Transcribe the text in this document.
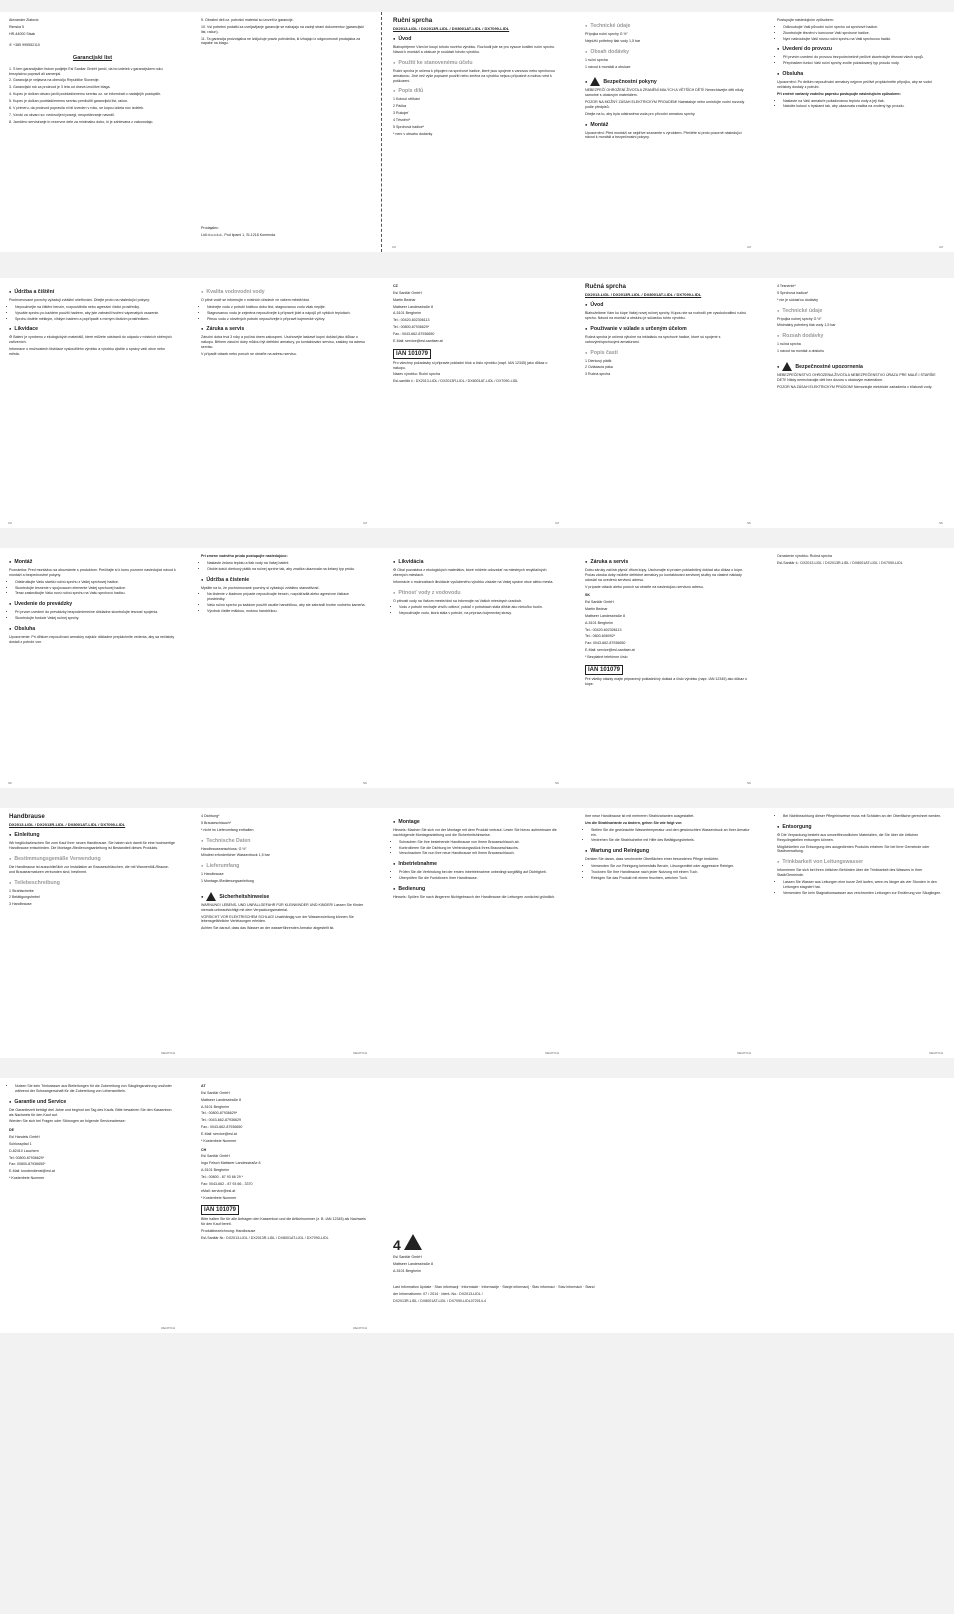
Alexander Zlatovic

Rimska 5

HR-44000 Sisak

✆ +385 995552110

Garancijski list

1. S tem garancijskim listom podjetje Esl Sanitar GmbH jamči, da bo izdelek v garancijskem roku brezplačno popravil ali zamenjal.

2. Garancija je veljavna na območju Republike Slovenije.

3. Garancijski rok za proizvod je 3 leta od dneva izročitve blaga.

4. Kupec je dolžan okvaro javiti pooblaščenemu servisu oz. se informirati o nadaljnjih postopkih.

5. Kupec je dolžan pooblaščenemu servisu predložiti garancijski list, račun.

6. V primeru, da proizvod popravila ni bil izveden v roku, se kupcu izdela nov izdelek.

7. Vzroki za okvaro so: nedovoljeni posegi, neupoštevanje navodil.

8. Jamčimo servisiranje in rezervne dele za minimalno dobo, ki je zahtevana z zakonodajo.

9. Obrabni deli oz. potrošni material so izvzeti iz garancije.

10. Vsi potrebni podatki za uveljavljanje garancije se nahajajo na zadnji strani dokumentov (garancijski list, račun).

11. Ta garancija proizvajalca ne izključuje pravic potrošnika, ki izhajajo iz odgovornosti prodajalca za napake na blagu.

Prodajalec:

Lidl d.o.o.k.d., Pod lipami 1, SI-1218 Komenda

Ruční sprcha
DX2013-LIDL / DX2013R-LIDL / DX8001AT-LIDL / DX7090-LIDL
● Úvod

Blahopřejeme Vám ke koupi tohoto nového výrobku. Rozhodli jste se pro vysoce kvalitní ruční sprchu. Návod k montáži a obsluze je součástí tohoto výrobku.

● Použití ke stanovenému účelu

Ruční sprcha je určena k připojení na sprchové hadice, které jsou spojené s vanovou nebo sprchovou armaturou. Jiné než výše popsané použití nebo změna na výrobku nejsou přípustné a mohou vést k poškození.

● Popis dílů

1 Kotouč stříkání

2 Páčka

3 Rukojeť

4 Těsnění*

5 Sprchová hadice*

* není v obsahu dodávky

CZ
● Technické údaje

Přípojka ruční sprchy G ½"

Nejnižší potřebný tlak vody 1,5 bar

● Obsah dodávky

1 ruční sprcha

1 návod k montáži a obsluze

● Bezpečnostní pokyny

NEBEZPEČÍ OHROŽENÍ ŽIVOTA A ZRANĚNÍ MALÝCH A VĚTŠÍCH DĚTÍ! Nenechávejte děti nikdy samotné s obalovým materiálem.

POZOR NA MOŽNÝ ZÁSAH ELEKTRICKÝM PROUDEM! Nainstaluje nebo umísťujte vodní rozvody podle předpisů.

Dbejte na to, aby byla odstraněna voda pro přívodní armaturu sprchy.

● Montáž

Upozornění: Před montáží se nejdříve seznamte s výrobkem. Přečtěte si proto pozorně následující návod k montáži a bezpečnostní pokyny.

CZ

Postupujte následujícím způsobem:

• Odšroubujte Vaši původní ruční sprchu od sprchové hadice.
• Zkontrolujte těsnění v koncovce Vaší sprchové hadice.
• Nyní našroubujte Vaši novou ruční sprchu na Vaši sprchovou hadici.
● Uvedení do provozu
• Při prvním uvedení do provozu bezpodmínečně pečlivě zkontrolujte těsnost všech spojů.
• Přepínačem funkcí Vaší ruční sprchy zvolte požadovaný typ proudu vody.
● Obsluha

Upozornění: Po delším nepoužívání armatury nejprve pečlivě propláchněte přípojku, aby se vodní nečistoty dostaly z potrubí.

Při změně varianty vodního paprsku postupujte následujícím způsobem:

• Nastavte na Vaší armatuře požadovanou teplotu vody a její tlak.
• Natočte kotouč s tryskami tak, aby ukazovala značka na zvolený typ proudu.
CZ
● Údržba a čištění

Pochromované povrchy vyžadují zvláštní ošetřování. Dbejte proto na následující pokyny:

• Nepoužívejte na čištění benzín, rozpouštědla nebo agresivní čisticí prostředky.
• Vysušte sprchu po každém použití hadrem, aby jste zabránili tvoření vápenatých usazenin.
• Sprchu čistěte měkkým, vlhkým hadrem a popřípadě s mírným čisticím prostředkem.
● Likvidace

♻ Balení je vyrobeno z ekologických materiálů, které můžete odstranit do odpadu v místních sběrných zařízeních.

Informace o možnostech likvidace vysloužilého výrobku a výrobku zjistíte u správy vaší obce nebo města.

CZ
● Kvalita vodovodní vody

O pitné vodě se informujte v místních úřadech ve vašem městě/obci.

• Nechejte vodu z potrubí krátkou dobu téci, stagnovanou vodu však nepijte.
• Stagnovanou vodu je zejména nepoužívejte k přípravě jídel a nápojů při vyšších teplotách.
• Pitnou vodu z olověných potrubí nepoužívejte k přípravě kojenecké výživy.
● Záruka a servis

Záruční doba trvá 3 roky a počíná dnem zakoupení. Uschovejte laskavě kupní doklad jako důkaz o nákupu. Během záruční doby můžou být defektní armatury, po kontaktování servisu, zaslány na adresu servisu.

V případě otázek nebo poruch se obraťte na adresu servisu.

CZ

CZ

Esl Sanitär GmbH

Martin Bednar

Mattseer Landesstraße 8

A-5101 Bergheim

Tel.: 00420-602306113

Tel.: 00800-87936629*

Fax.: 0043-662-87936650

E-Mail: service@esl-sanitaer.at

IAN 101079

Pro všechny požadavky si připravte pokladní blok a číslo výrobku (např. IAN 12345) jako důkaz o nákupu.

Název výrobku: Ruční sprcha

Esl-sanitär č.: DX2013-LIDL / DX2013R-LIDL / DX8001AT-LIDL / DX7090-LIDL

CZ
Ručná sprcha
DX2013-LIDL / DX2013R-LIDL / DX8001AT-LIDL / DX7090-LIDL
● Úvod

Blahoželáme Vám ku kúpe Vašej novej ručnej sprchy. Kúpou ste sa rozhodli pre vysokokvalitnú ručnú sprchu. Návod na montáž a obsluhu je súčasťou tohto výrobku.

● Používanie v súlade s určeným účelom

Ručná sprcha je určená výlučne na inštaláciu na sprchové hadice, ktoré sú spojené s vaňovými/sprchovými armatúrami.

● Popis častí

1 Dierkový plátik

2 Ovládacia páka

3 Ručná sprcha

SK

4 Tesnenie*

5 Sprchová hadica*

* nie je súčasťou dodávky

● Technické údaje

Prípojka ručnej sprchy G ½"

Minimálny potrebný tlak vody 1,5 bar

● Rozsah dodávky

1 ručná sprcha

1 návod na montáž a obsluhu

● Bezpečnostné upozornenia

NEBEZPEČENSTVO OHROZENIA ŽIVOTA A NEBEZPEČENSTVO ÚRAZU PRE MALÉ I STARŠIE DETI! Nikdy nenechávajte deti bez dozoru s obalovým materiálom.

POZOR NA ZÁSAH ELEKTRICKÝM PRÚDOM! Nemontujte elektrické zariadenia v blízkosti vody.

SK
● Montáž

Poznámka: Pred montážou sa oboznámte s produktom. Prečítajte si k tomu pozorne nasledujúci návod k montáži a bezpečnostné pokyny.

• Odskrutkujte Vašu staršiu ručnú sprchu z Vašej sprchovej hadice.
• Skontrolujte tesnenie v spojovacom elemente Vašej sprchovej hadice.
• Teraz zaskrutkujte Vašu novú ručnú sprchu na Vašu sprchovú hadicu.
● Uvedenie do prevádzky
• Pri prvom uvedení do prevádzky bezpodmienečne dôkladne skontrolujte tesnosť spojenia.
• Skontrolujte funkcie Vašej ručnej sprchy.
● Obsluha

Upozornenie: Pri dlhšom nepoužívaní armatúry najskôr dôkladne prepláchnite vedenia, aby sa nečistoty dostali z potrubí von.

SK

Pri zmene vodného prúdu postupujte nasledujúco:

• Nastavte želanú teplotu a tlak vody na Vašej batérii.
• Otočte kotúč dierkový plátik na ručnej sprche tak, aby značka ukazovala na želaný typ prúdu.
● Údržba a čistenie

Myslite na to, že pochrómované povrchy si vyžadujú zvláštnu starostlivosť.

• Na čistenie v žiadnom prípade nepoužívajte benzín, rozpúšťadlá alebo agresívne čistiace prostriedky.
• Vašu ručnú sprchu po každom použití osušte handričkou, aby ste zabránili tvorbe vodného kameňa.
• Výrobok čistite mäkkou, mokrou handričkou.
SK
● Likvidácia

♻ Obal pozostáva z ekologických materiálov, ktoré môžete odovzdať na miestnych recyklačných zberných miestach.

Informácie o možnostiach likvidácie vyslúženého výrobku získate na Vašej správe obce alebo mesta.

● Pitnosť vody z vodovodu

O pitnosti vody na Vašom meste/obci sa informujte na Vašich miestnych úradoch.

• Vodu z potrubí nechajte chvíľu odtiecť, pokiaľ v potrubiach stála dlhšie ako niekoľko hodín.
• Nepoužívajte vodu, ktorá stála v potrubí, na prípravu kojeneckej stravy.
SK
● Záruka a servis

Dobu záruky začíná plynúť dňom kúpy. Uschovajte si prosím pokladničný doklad ako dôkaz o kúpe. Počas záruka doby môžete defektné armatúry po kontaktovaní servisnej služby na vlastné náklady odoslať na uvedenú servisnú adresu.

V prípade otázok alebo porúch sa obráťte na nasledujúcu servisnú adresu.

SK

Esl Sanitär GmbH

Martin Bednar

Mattseer Landesstraße 8

A-5101 Bergheim

Tel.: 00420-602306113

Tel.: 0800-606092*

Fax: 0043-662-87936650

E-Mail: service@esl-sanitaer.at

* Bezplatné telefónne číslo

IAN 101079

Pre všetky otázky majte pripravený pokladničný doklad a číslo výrobku (napr. IAN 12345) ako dôkaz o kúpe.

SK

Označenie výrobku: Ručná sprcha

Esl-Sanitär č.: DX2013-LIDL / DX2013R-LIDL / DX8001AT-LIDL / DX7090-LIDL

Handbrause
DX2013-LIDL / DX2013R-LIDL / DX8001AT-LIDL / DX7090-LIDL
● Einleitung

Wir beglückwünschen Sie zum Kauf Ihrer neuen Handbrause. Sie haben sich damit für eine hochwertige Handbrause entschieden. Die Montage-/Bedienungsanleitung ist Bestandteil dieses Produkts.

● Bestimmungsgemäße Verwendung

Die Handbrause ist ausschließlich zur Installation an Brauseschläuchen, die mit Wannenfüll-/Brause- und Brausearmaturen verbunden sind, bestimmt.

● Teilebeschreibung

1 Strahlscheibe

2 Betätigungshebel

3 Handbrause

DE/AT/CH

4 Dichtung*

5 Brauseschlauch*

* nicht im Lieferumfang enthalten

● Technische Daten

Handbrauseanschluss: G ½"

Mindest erforderlicher Wasserdruck 1,5 bar

● Lieferumfang

1 Handbrause

1 Montage-/Bedienungsanleitung

● Sicherheitshinweise

WARNUNG! LEBENS- UND UNFALLGEFAHR FÜR KLEINKINDER UND KINDER! Lassen Sie Kinder niemals unbeaufsichtigt mit dem Verpackungsmaterial.

VORSICHT VOR ELEKTRISCHEM SCHLAG! Unabhängig von der Wasserzuleitung können Sie lebensgefährliche Verletzungen erleiden.

Achten Sie darauf, dass das Wasser an der wasserführenden Armatur abgestellt ist.

DE/AT/CH
● Montage

Hinweis: Machen Sie sich vor der Montage mit dem Produkt vertraut. Lesen Sie hierzu aufmerksam die nachfolgende Montageanleitung und die Sicherheitshinweise.

• Schrauben Sie Ihre bestehende Handbrause von Ihrem Brauseschlauch ab.
• Kontrollieren Sie die Dichtung im Verbindungsstück Ihres Brauseschlauchs.
• Verschrauben Sie nun Ihre neue Handbrause mit Ihrem Brauseschlauch.
● Inbetriebnahme
• Prüfen Sie die Verbindung bei der ersten Inbetriebnahme unbedingt sorgfältig auf Dichtigkeit.
• Überprüfen Sie die Funktionen Ihrer Handbrause.
● Bedienung

Hinweis: Spülen Sie nach längerem Nichtgebrauch der Handbrause die Leitungen zunächst gründlich.

DE/AT/CH

Ihre neue Handbrause ist mit mehreren Strahlvarianten ausgestattet.

Um die Strahlvariante zu ändern, gehen Sie wie folgt vor:

• Stellen Sie die gewünschte Wassertemperatur und den gewünschten Wasserdruck an Ihrer Armatur ein.
• Verdrehen Sie die Strahlscheibe mit Hilfe des Betätigungshebels.
● Wartung und Reinigung

Denken Sie daran, dass verchromte Oberflächen einer besonderen Pflege bedürfen.

• Verwenden Sie zur Reinigung keinesfalls Benzin, Lösungsmittel oder aggressive Reiniger.
• Trocknen Sie Ihre Handbrause nach jeder Nutzung mit einem Tuch.
• Reinigen Sie das Produkt mit einem feuchten, weichen Tuch.
DE/AT/CH
• Bei Nichtbeachtung dieser Pflegehinweise muss mit Schäden an der Oberfläche gerechnet werden.
● Entsorgung

♻ Die Verpackung besteht aus umweltfreundlichen Materialien, die Sie über die örtlichen Recyclingstellen entsorgen können.

Möglichkeiten zur Entsorgung des ausgedienten Produkts erfahren Sie bei Ihrer Gemeinde oder Stadtverwaltung.

● Trinkbarkeit von Leitungswasser

Informieren Sie sich bei Ihren örtlichen Behörden über die Trinkbarkeit des Wassers in Ihrer Stadt/Gemeinde.

• Lassen Sie Wasser aus Leitungen eine kurze Zeit laufen, wenn es länger als vier Stunden in den Leitungen stagniert hat.
• Verwenden Sie kein Stagnationswasser aus verchromten Leitungen zur Ernährung von Säuglingen.
DE/AT/CH
• Nutzen Sie kein Trinkwasser aus Bleileitungen für die Zubereitung von Säuglingsnahrung und/oder während der Schwangerschaft für die Zubereitung von Lebensmitteln.
● Garantie und Service

Die Garantiezeit beträgt drei Jahre und beginnt am Tag des Kaufs. Bitte bewahren Sie den Kassenbon als Nachweis für den Kauf auf.

Werden Sie sich bei Fragen oder Störungen an folgende Serviceadresse:

DE

Esl Handels GmbH

Schlosspfad 1

D-82410 Lauchern

Tel: 00800-87936629*

Fax: 00800-87936650*

E-Mail: kundendienst@esl.at

* Kostenfreie Nummer

DE/AT/CH

AT

Esl Sanitär GmbH

Mattseer Landesstraße 8

A-5101 Bergheim

Tel.: 00800-87936629*

Tel.: 0043-662-87936629

Fax.: 0043-662-87936650

E-Mail: service@esl.at

* Kostenfreie Nummer

CH

Esl Sanitär GmbH

Ingo Felsch Mattseer Landesstraße 8

A-5101 Bergheim

Tel.: 00800 - 87 93 66 29 *

Fax: 0043-662 - 87 93 66 - 3370

eMail: service@esl.at

* Kostenfreie Nummer

IAN 101079

Bitte halten Sie für alle Anfragen den Kassenbon und die Artikelnummer (z. B. IAN 12345) als Nachweis für den Kauf bereit.

Produktbezeichnung: Handbrause

Esl-Sanitär Nr.: DX2013-LIDL / DX2013R-LIDL / DX8001AT-LIDL / DX7090-LIDL

DE/AT/CH
4

Esl Sanitär GmbH

Mattseer Landesstraße 8

A-5101 Bergheim

Last Information Update · Stan informacji · Informácie · Informacije · Stanje informacij · Stav informací · Stav informácií · Stand

der Informationen: 07 / 2014 · Ident.-No.: DX2013-LIDL /

DX2013R-LIDL / DX8001AT-LIDL / DX7090-LIDL072014-4
